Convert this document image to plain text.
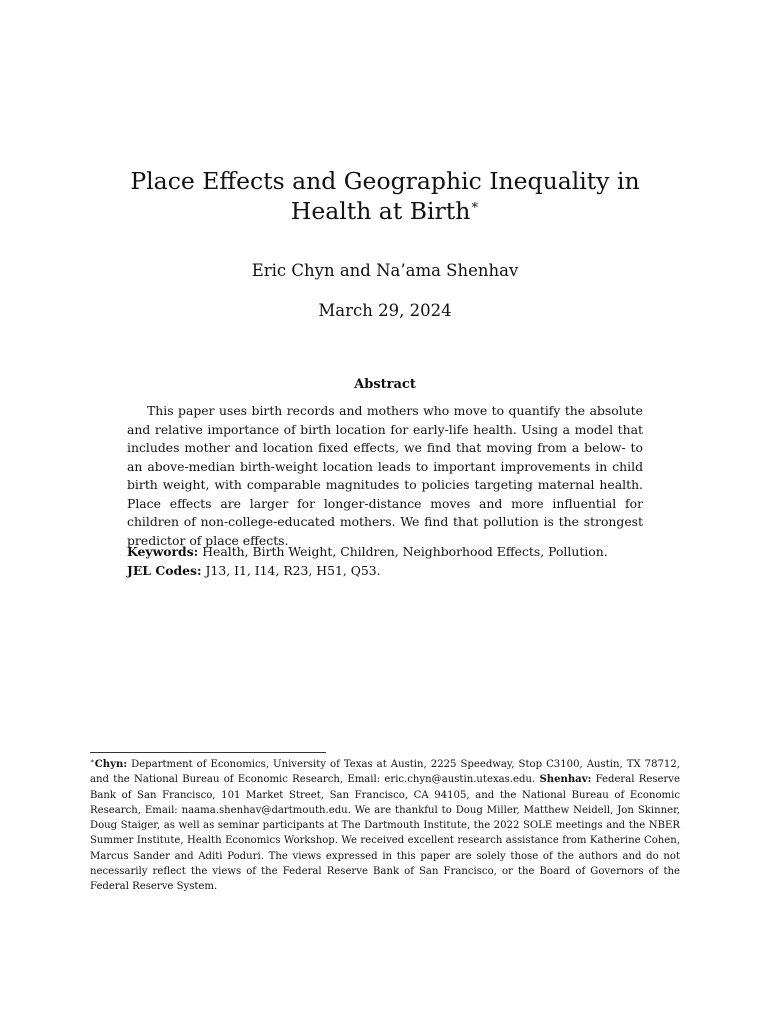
Place Effects and Geographic Inequality in Health at Birth∗
Eric Chyn and Na’ama Shenhav
March 29, 2024
Abstract

This paper uses birth records and mothers who move to quantify the absolute and relative importance of birth location for early-life health. Using a model that includes mother and location fixed effects, we find that moving from a below- to an above-median birth-weight location leads to important improvements in child birth weight, with comparable magnitudes to policies targeting maternal health. Place effects are larger for longer-distance moves and more influential for children of non-college-educated mothers. We find that pollution is the strongest predictor of place effects.

Keywords: Health, Birth Weight, Children, Neighborhood Effects, Pollution.
JEL Codes: J13, I1, I14, R23, H51, Q53.

∗Chyn: Department of Economics, University of Texas at Austin, 2225 Speedway, Stop C3100, Austin, TX 78712, and the National Bureau of Economic Research, Email: eric.chyn@austin.utexas.edu. Shenhav: Federal Reserve Bank of San Francisco, 101 Market Street, San Francisco, CA 94105, and the National Bureau of Economic Research, Email: naama.shenhav@dartmouth.edu. We are thankful to Doug Miller, Matthew Neidell, Jon Skinner, Doug Staiger, as well as seminar participants at The Dartmouth Institute, the 2022 SOLE meetings and the NBER Summer Institute, Health Economics Workshop. We received excellent research assistance from Katherine Cohen, Marcus Sander and Aditi Poduri. The views expressed in this paper are solely those of the authors and do not necessarily reflect the views of the Federal Reserve Bank of San Francisco, or the Board of Governors of the Federal Reserve System.
